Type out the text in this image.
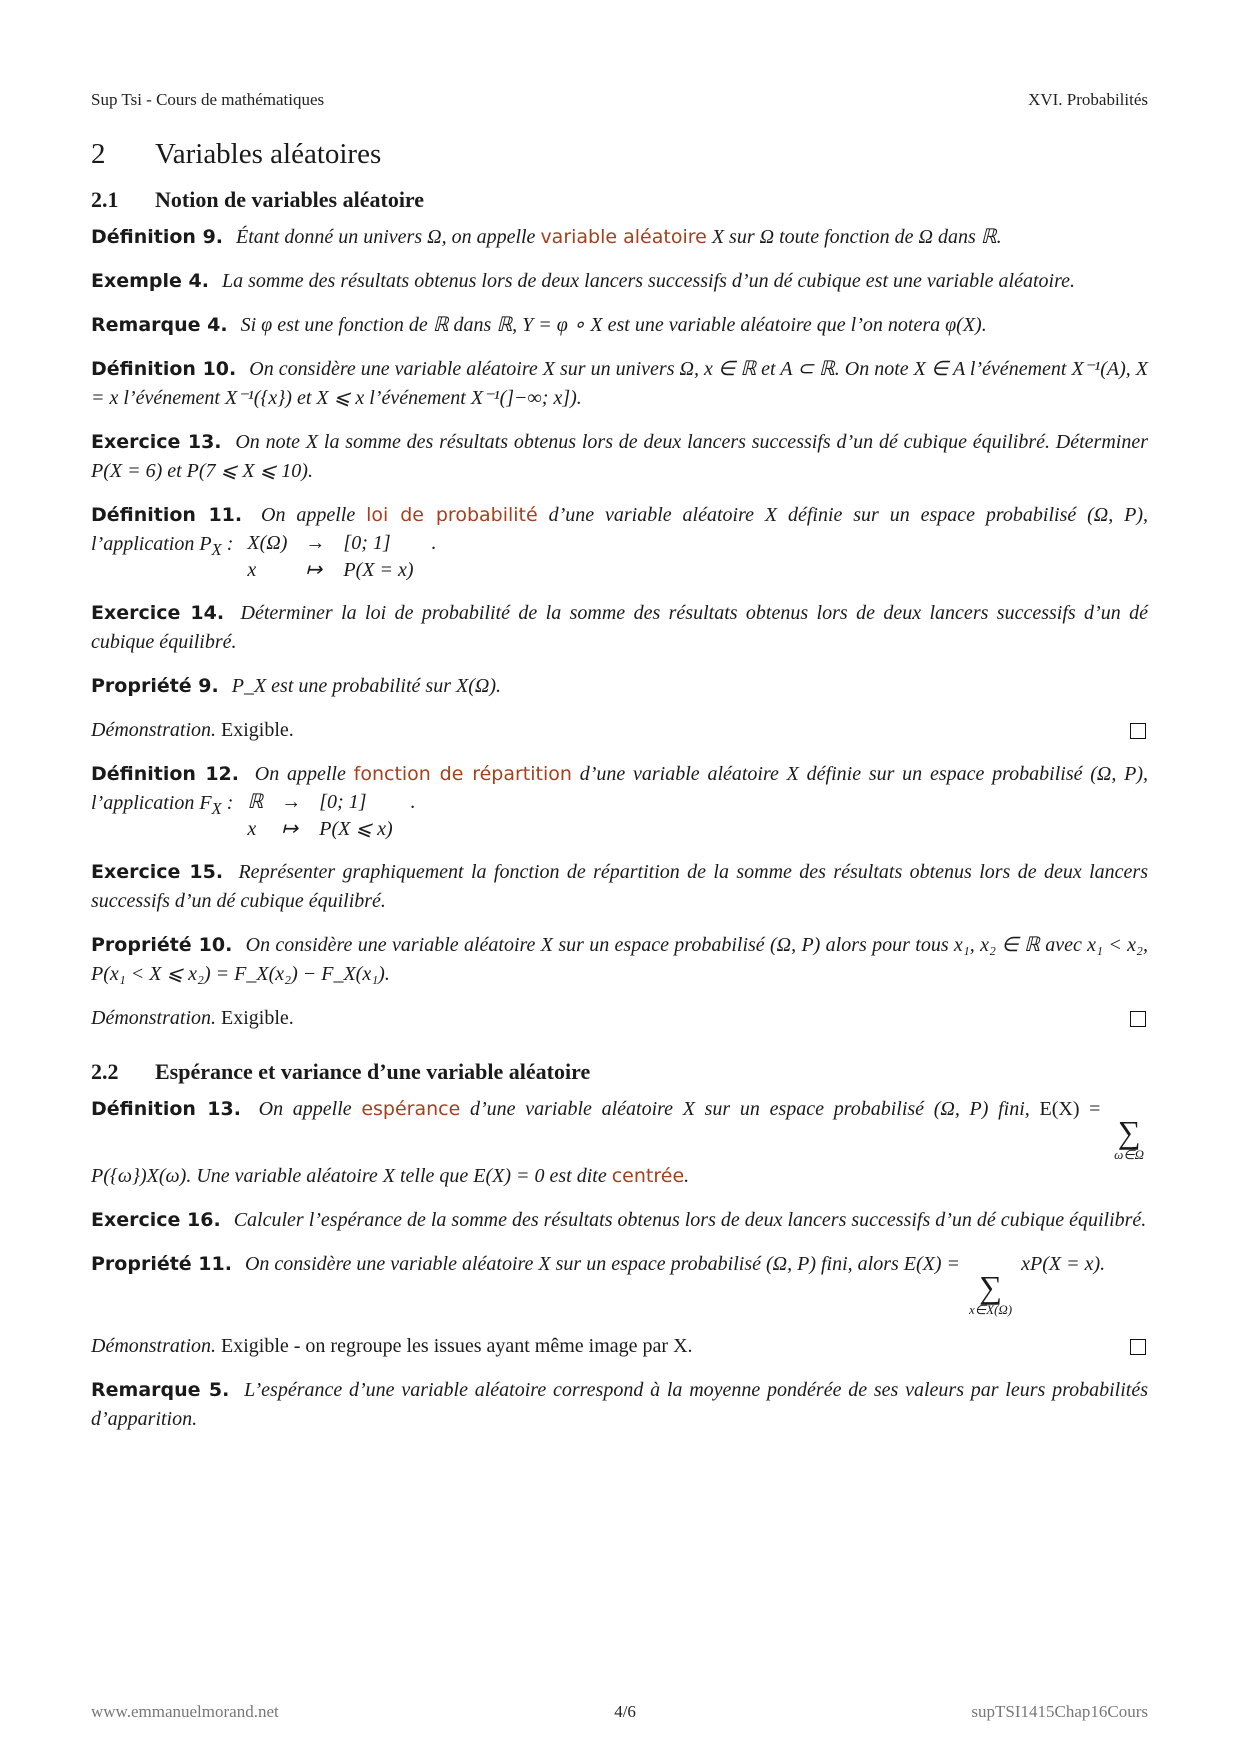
Sup Tsi - Cours de mathématiques	XVI. Probabilités
2 Variables aléatoires
2.1 Notion de variables aléatoire

Définition 9. Étant donné un univers Ω, on appelle variable aléatoire X sur Ω toute fonction de Ω dans ℝ.

Exemple 4. La somme des résultats obtenus lors de deux lancers successifs d’un dé cubique est une variable aléatoire.

Remarque 4. Si φ est une fonction de ℝ dans ℝ, Y = φ ∘ X est une variable aléatoire que l’on notera φ(X).

Définition 10. On considère une variable aléatoire X sur un univers Ω, x ∈ ℝ et A ⊂ ℝ. On note X ∈ A l’événement X⁻¹(A), X = x l’événement X⁻¹({x}) et X ⩽ x l’événement X⁻¹(]−∞; x]).

Exercice 13. On note X la somme des résultats obtenus lors de deux lancers successifs d’un dé cubique équilibré. Déterminer P(X = 6) et P(7 ⩽ X ⩽ 10).

Définition 11. On appelle loi de probabilité d’une variable aléatoire X définie sur un espace probabilisé (Ω, P), l’application $P_X$ : X(Ω)	→	[0; 1]	.
x	↦	P(X = x)	

Exercice 14. Déterminer la loi de probabilité de la somme des résultats obtenus lors de deux lancers successifs d’un dé cubique équilibré.

Propriété 9. P_X est une probabilité sur X(Ω).

Démonstration. Exigible.
Définition 12. On appelle fonction de répartition d’une variable aléatoire X définie sur un espace probabilisé (Ω, P), l’application $F_X$ : ℝ	→	[0; 1]	.
x	↦	P(X ⩽ x)	

Exercice 15. Représenter graphiquement la fonction de répartition de la somme des résultats obtenus lors de deux lancers successifs d’un dé cubique équilibré.

Propriété 10. On considère une variable aléatoire X sur un espace probabilisé (Ω, P) alors pour tous x₁, x₂ ∈ ℝ avec x₁ < x₂, P(x₁ < X ⩽ x₂) = F_X(x₂) − F_X(x₁).

Démonstration. Exigible.
2.2 Espérance et variance d’une variable aléatoire
Définition 13. On appelle espérance d’une variable aléatoire X sur un espace probabilisé (Ω, P) fini, E(X) =
∑
ω∈Ω
P({ω})X(ω). Une variable aléatoire X telle que E(X) = 0 est dite centrée.

Exercice 16. Calculer l’espérance de la somme des résultats obtenus lors de deux lancers successifs d’un dé cubique équilibré.

Propriété 11. On considère une variable aléatoire X sur un espace probabilisé (Ω, P) fini, alors E(X) =
∑
x∈X(Ω)
xP(X = x).
Démonstration. Exigible - on regroupe les issues ayant même image par X.

Remarque 5. L’espérance d’une variable aléatoire correspond à la moyenne pondérée de ses valeurs par leurs probabilités d’apparition.

www.emmanuelmorand.net	4/6	supTSI1415Chap16Cours
